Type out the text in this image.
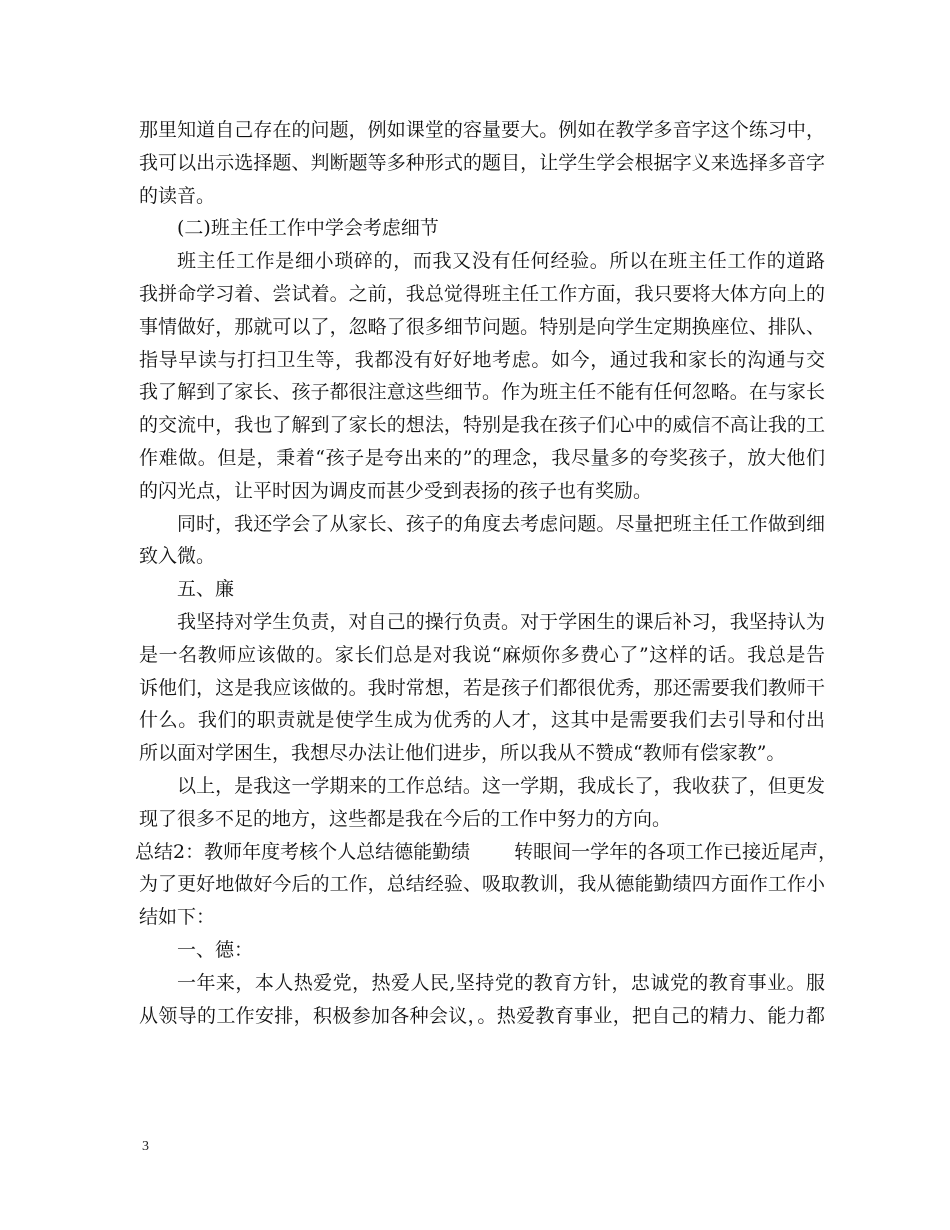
那里知道自己存在的问题，例如课堂的容量要大。例如在教学多音字这个练习中，
我可以出示选择题、判断题等多种形式的题目，让学生学会根据字义来选择多音字
的读音。
(二)班主任工作中学会考虑细节
班主任工作是细小琐碎的，而我又没有任何经验。所以在班主任工作的道路
我拼命学习着、尝试着。之前，我总觉得班主任工作方面，我只要将大体方向上的
事情做好，那就可以了，忽略了很多细节问题。特别是向学生定期换座位、排队、
指导早读与打扫卫生等，我都没有好好地考虑。如今，通过我和家长的沟通与交
我了解到了家长、孩子都很注意这些细节。作为班主任不能有任何忽略。在与家长
的交流中，我也了解到了家长的想法，特别是我在孩子们心中的威信不高让我的工
作难做。但是，秉着“孩子是夸出来的”的理念，我尽量多的夸奖孩子，放大他们
的闪光点，让平时因为调皮而甚少受到表扬的孩子也有奖励。
同时，我还学会了从家长、孩子的角度去考虑问题。尽量把班主任工作做到细
致入微。
五、廉
我坚持对学生负责，对自己的操行负责。对于学困生的课后补习，我坚持认为
是一名教师应该做的。家长们总是对我说“麻烦你多费心了”这样的话。我总是告
诉他们，这是我应该做的。我时常想，若是孩子们都很优秀，那还需要我们教师干
什么。我们的职责就是使学生成为优秀的人才，这其中是需要我们去引导和付出
所以面对学困生，我想尽办法让他们进步，所以我从不赞成“教师有偿家教”。
以上，是我这一学期来的工作总结。这一学期，我成长了，我收获了，但更发
现了很多不足的地方，这些都是我在今后的工作中努力的方向。
总结2：教师年度考核个人总结德能勤绩 转眼间一学年的各项工作已接近尾声，
为了更好地做好今后的工作，总结经验、吸取教训，我从德能勤绩四方面作工作小
结如下：
一、德：
一年来，本人热爱党，热爱人民,坚持党的教育方针，忠诚党的教育事业。服
从领导的工作安排，积极参加各种会议，。热爱教育事业，把自己的精力、能力都
3
